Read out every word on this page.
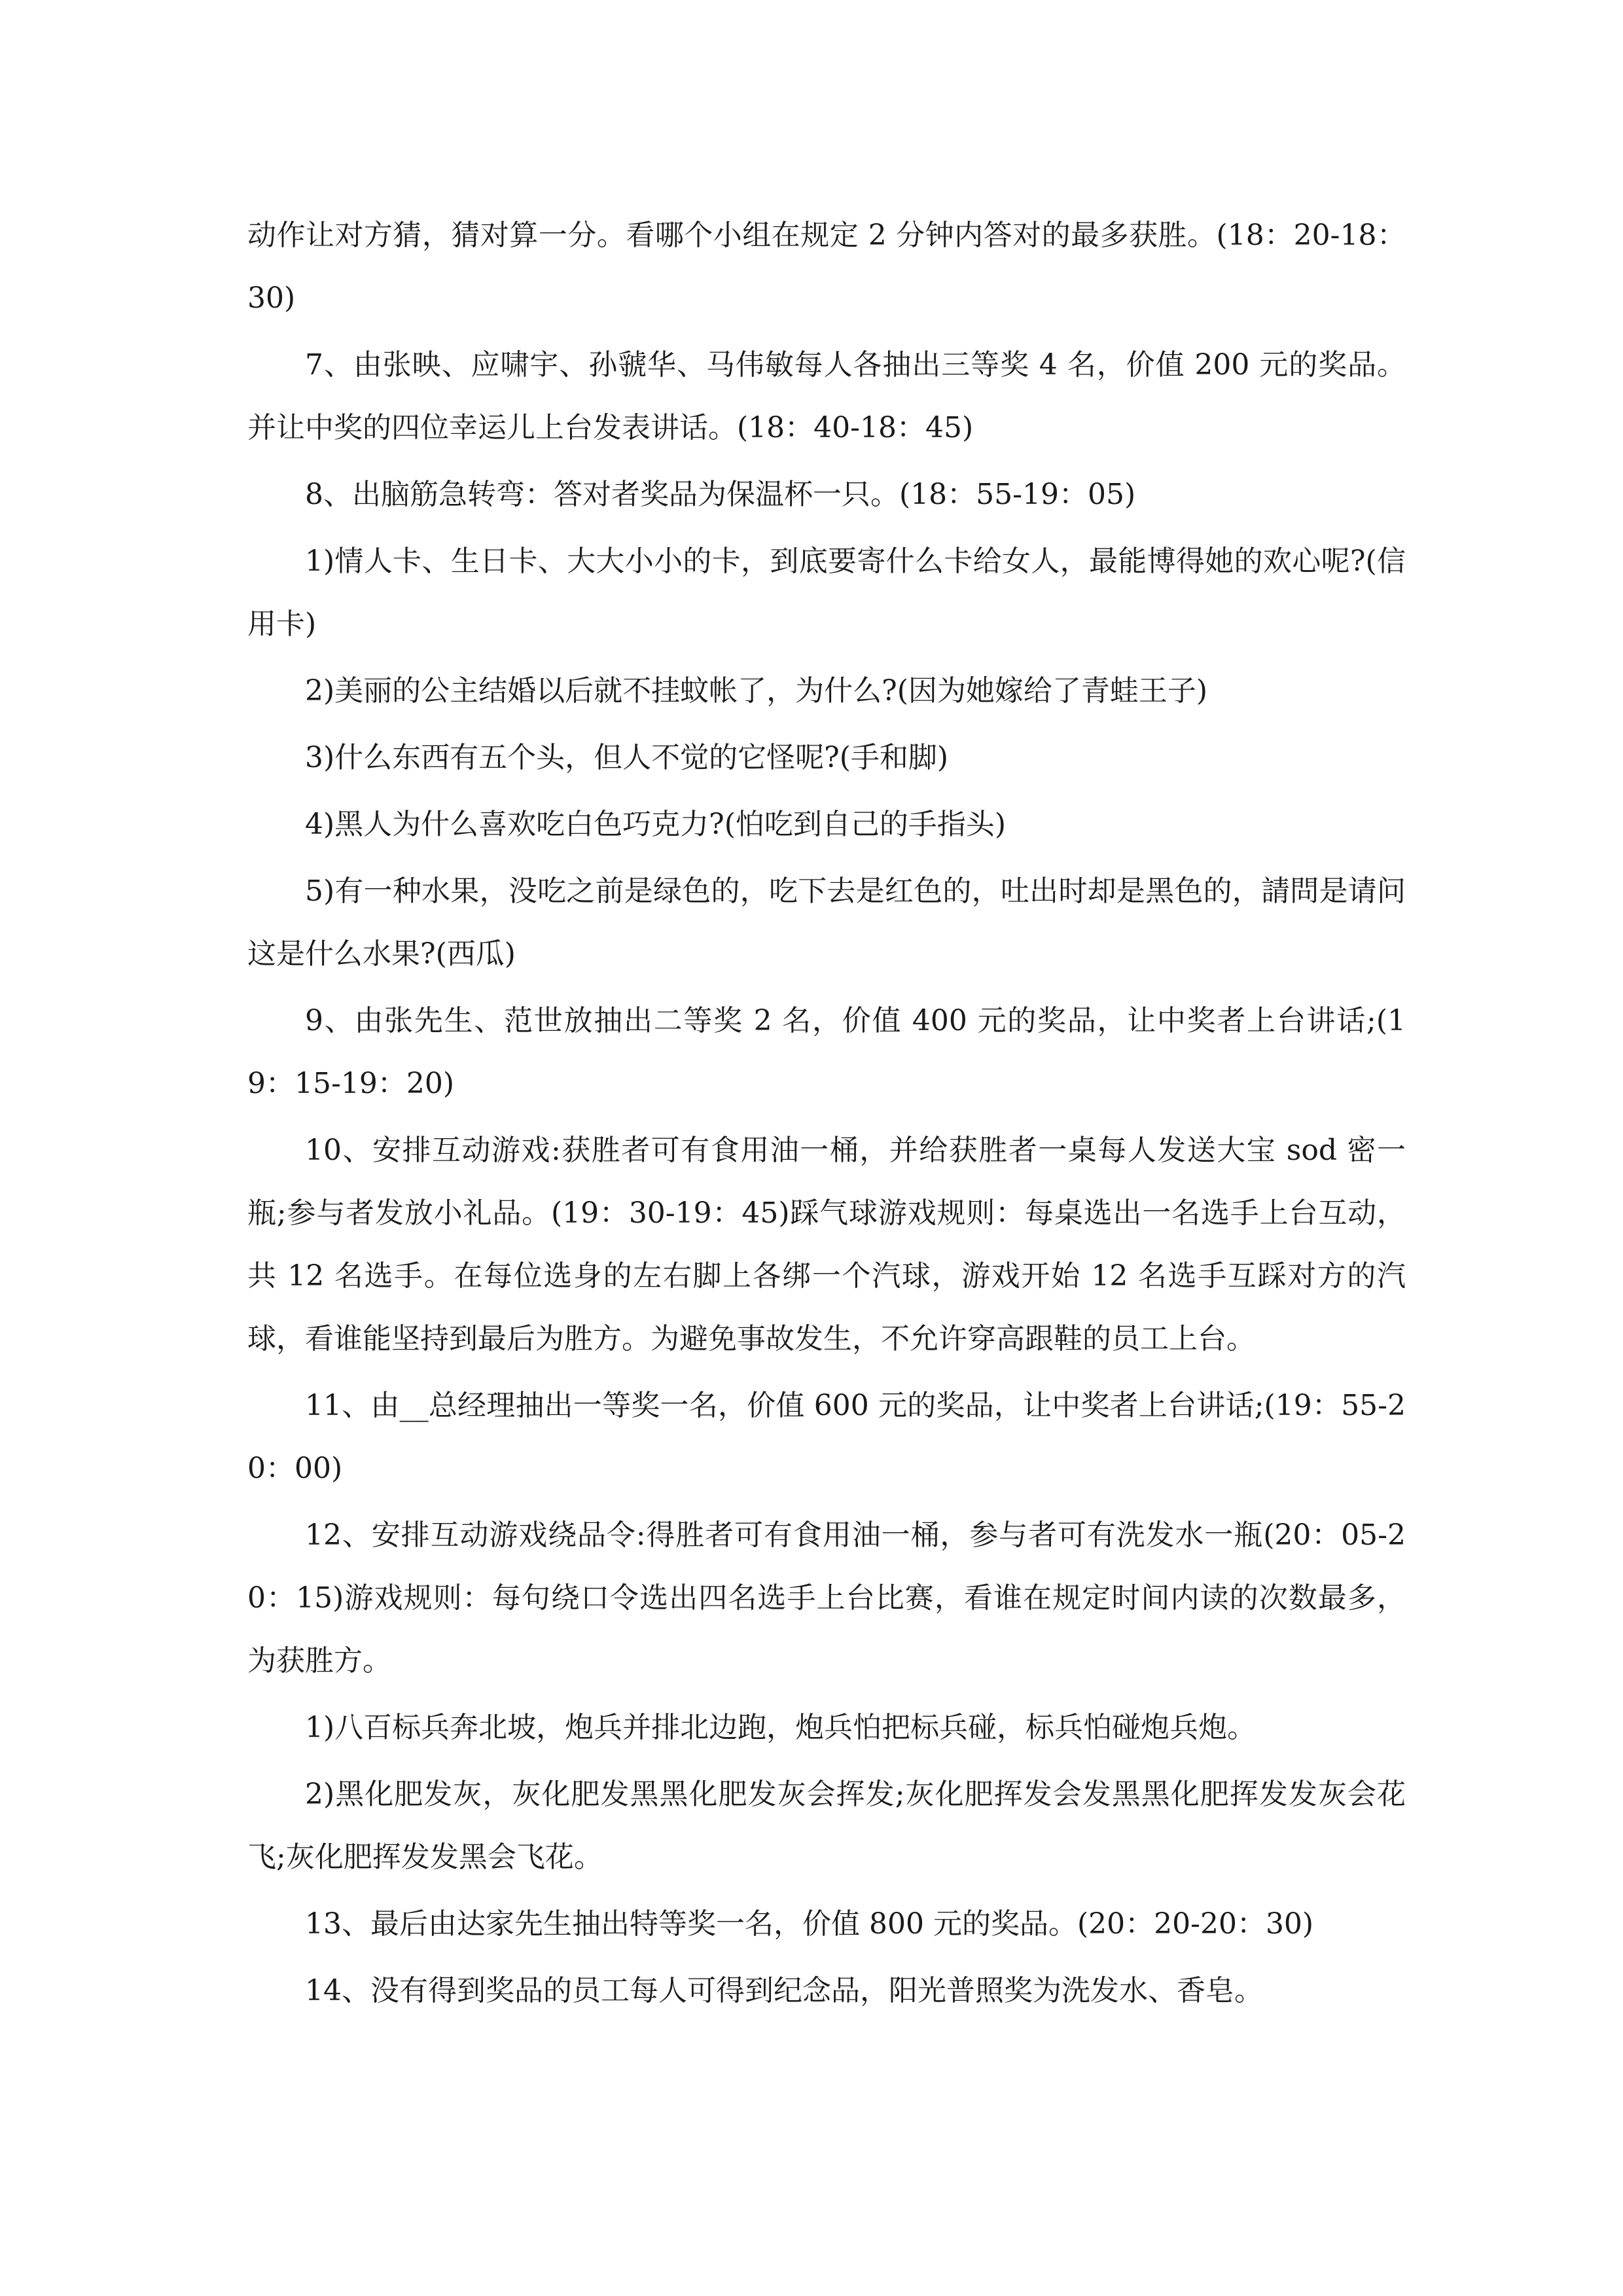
动作让对方猜，猜对算一分。看哪个小组在规定 2 分钟内答对的最多获胜。(18：20-18：30)

7、由张映、应啸宇、孙虢华、马伟敏每人各抽出三等奖 4 名，价值 200 元的奖品。并让中奖的四位幸运儿上台发表讲话。(18：40-18：45)

8、出脑筋急转弯：答对者奖品为保温杯一只。(18：55-19：05)

1)情人卡、生日卡、大大小小的卡，到底要寄什么卡给女人，最能博得她的欢心呢?(信用卡)

2)美丽的公主结婚以后就不挂蚊帐了，为什么?(因为她嫁给了青蛙王子)

3)什么东西有五个头，但人不觉的它怪呢?(手和脚)

4)黑人为什么喜欢吃白色巧克力?(怕吃到自己的手指头)

5)有一种水果，没吃之前是绿色的，吃下去是红色的，吐出时却是黑色的，請問是请问这是什么水果?(西瓜)

9、由张先生、范世放抽出二等奖 2 名，价值 400 元的奖品，让中奖者上台讲话;(19：15-19：20)

10、安排互动游戏:获胜者可有食用油一桶，并给获胜者一桌每人发送大宝 sod 密一瓶;参与者发放小礼品。(19：30-19：45)踩气球游戏规则：每桌选出一名选手上台互动，共 12 名选手。在每位选身的左右脚上各绑一个汽球，游戏开始 12 名选手互踩对方的汽球，看谁能坚持到最后为胜方。为避免事故发生，不允许穿高跟鞋的员工上台。

11、由__总经理抽出一等奖一名，价值 600 元的奖品，让中奖者上台讲话;(19：55-20：00)

12、安排互动游戏绕品令:得胜者可有食用油一桶，参与者可有洗发水一瓶(20：05-20：15)游戏规则：每句绕口令选出四名选手上台比赛，看谁在规定时间内读的次数最多，为获胜方。

1)八百标兵奔北坡，炮兵并排北边跑，炮兵怕把标兵碰，标兵怕碰炮兵炮。

2)黑化肥发灰，灰化肥发黑黑化肥发灰会挥发;灰化肥挥发会发黑黑化肥挥发发灰会花飞;灰化肥挥发发黑会飞花。

13、最后由达家先生抽出特等奖一名，价值 800 元的奖品。(20：20-20：30)

14、没有得到奖品的员工每人可得到纪念品，阳光普照奖为洗发水、香皂。
